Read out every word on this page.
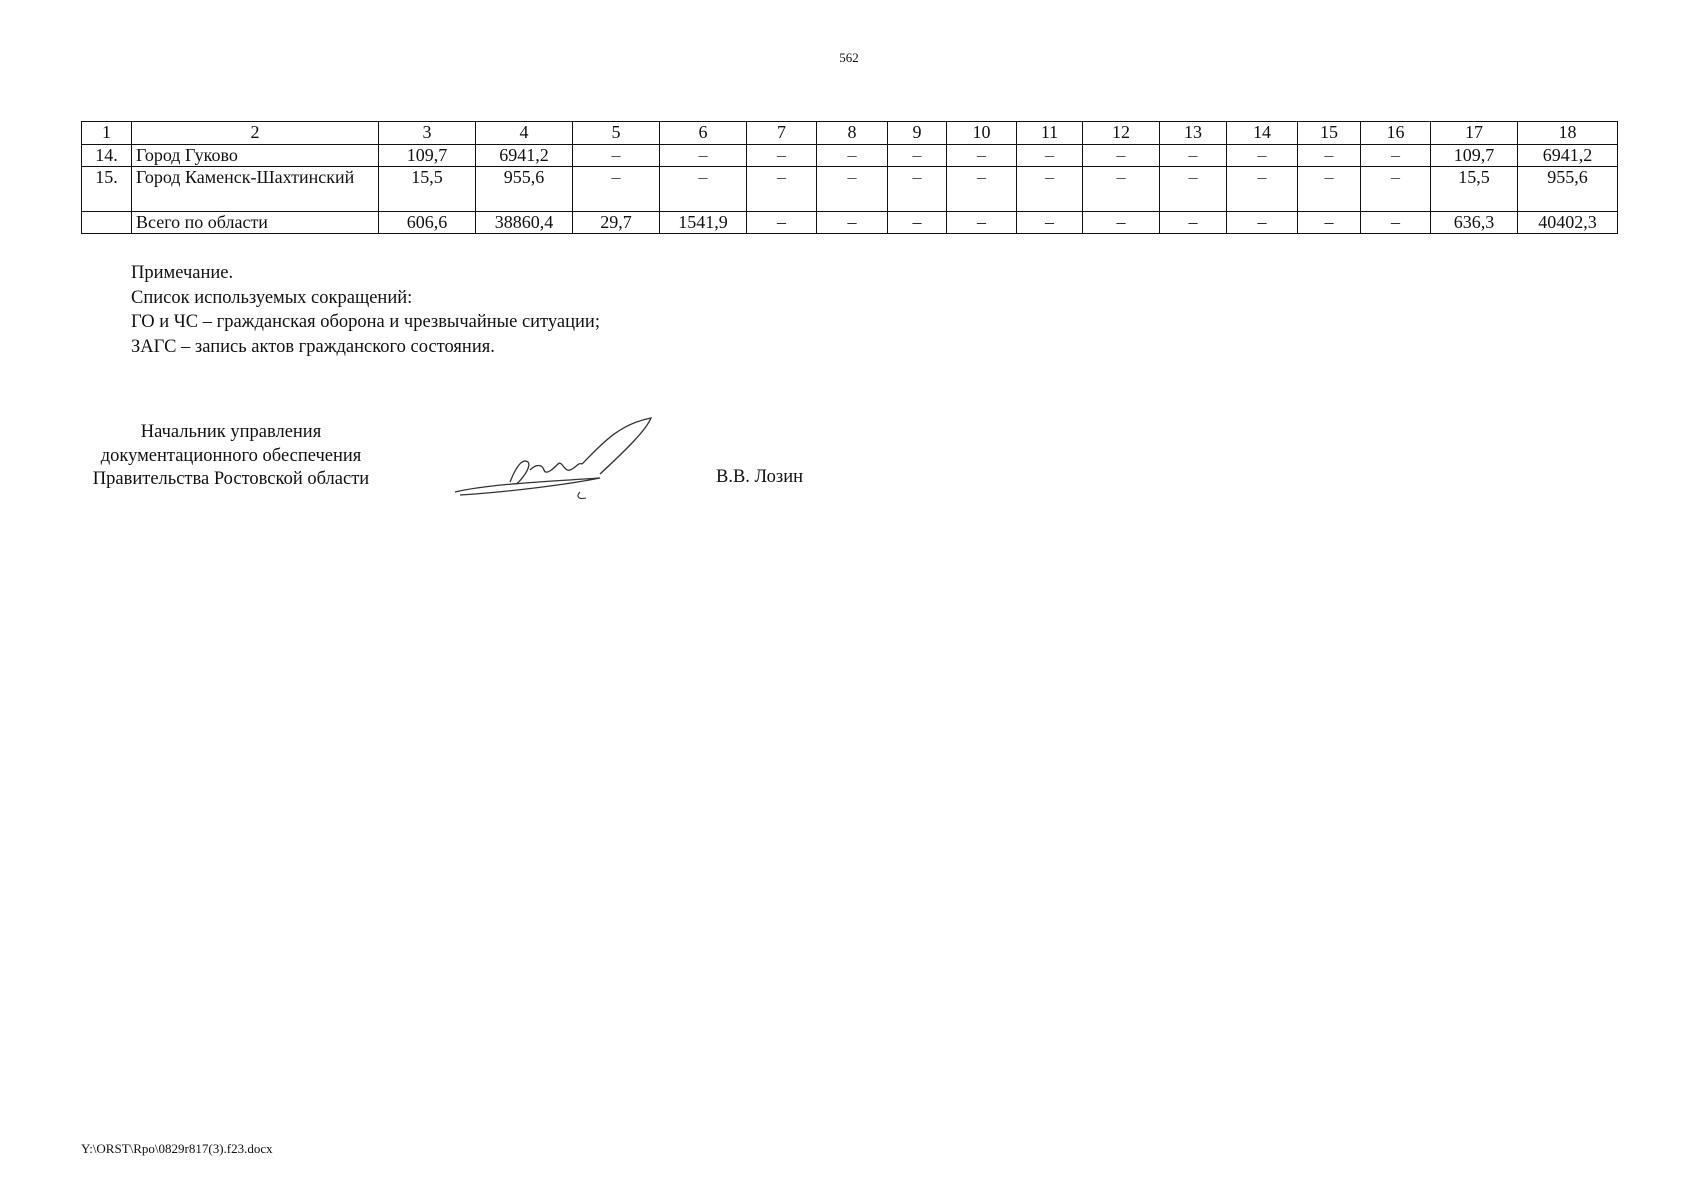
562
1	2	3	4	5	6	7	8	9	10	11	12	13	14	15	16	17	18
14.	Город Гуково	109,7	6941,2	–	–	–	–	–	–	–	–	–	–	–	–	109,7	6941,2
15.	Город Каменск-Шахтинский	15,5	955,6	–	–	–	–	–	–	–	–	–	–	–	–	15,5	955,6
	Всего по области	606,6	38860,4	29,7	1541,9	–	–	–	–	–	–	–	–	–	–	636,3	40402,3
Примечание.
Список используемых сокращений:
ГО и ЧС – гражданская оборона и чрезвычайные ситуации;
ЗАГС – запись актов гражданского состояния.
Начальник управления
документационного обеспечения
Правительства Ростовской области	В.В. Лозин
Y:\ORST\Rpo\0829r817(3).f23.docx
